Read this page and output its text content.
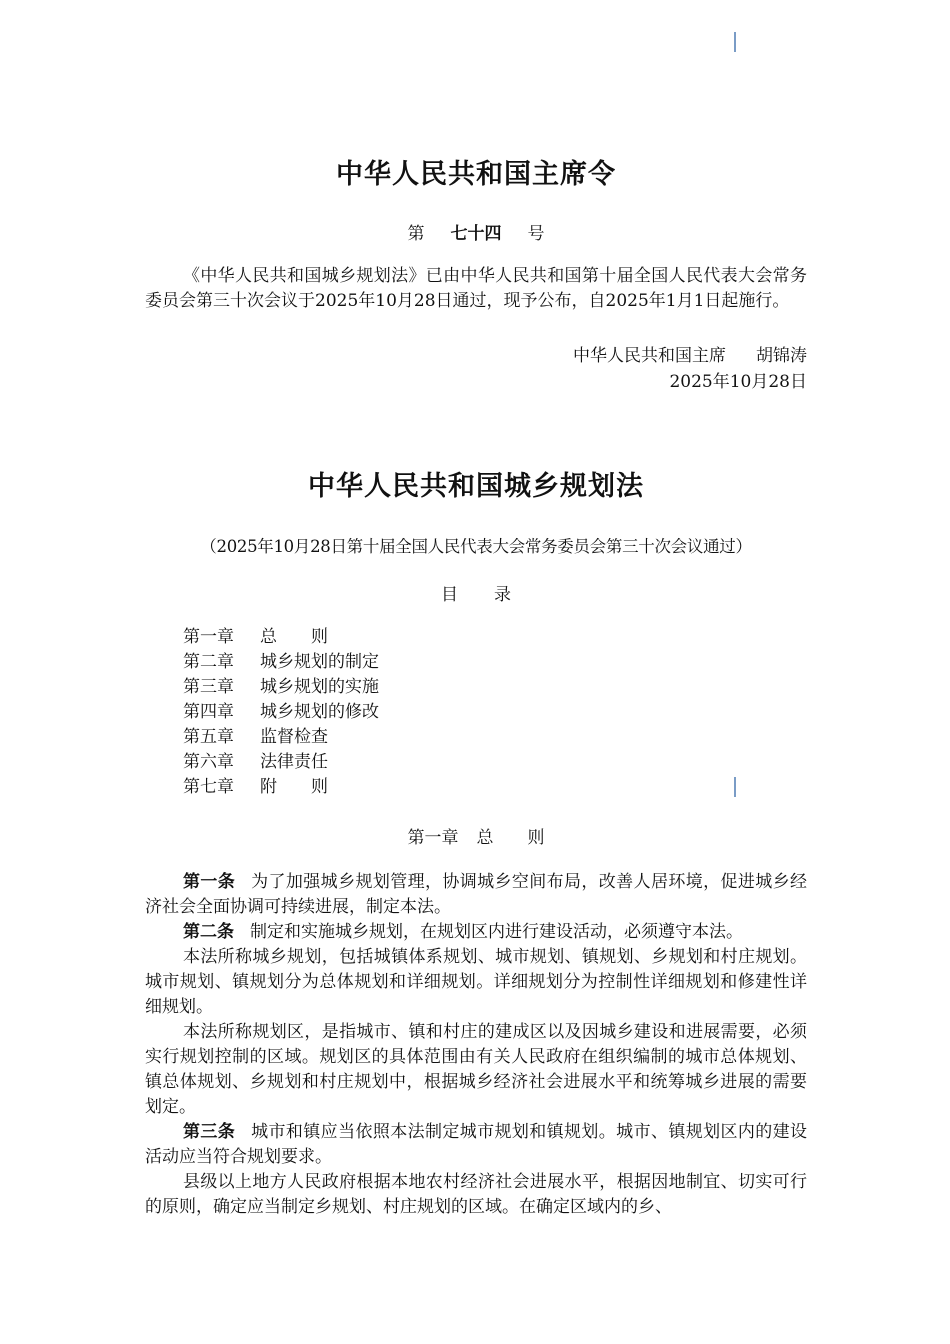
中华人民共和国主席令
第 七十四 号
《中华人民共和国城乡规划法》已由中华人民共和国第十届全国人民代表大会常务委员会第三十次会议于2025年10月28日通过，现予公布，自2025年1月1日起施行。
中华人民共和国主席 胡锦涛
2025年10月28日
中华人民共和国城乡规划法
（2025年10月28日第十届全国人民代表大会常务委员会第三十次会议通过）
目 录
第一章 总　　则
第二章 城乡规划的制定
第三章 城乡规划的实施
第四章 城乡规划的修改
第五章 监督检查
第六章 法律责任
第七章 附　　则
第一章 总　　则

第一条 为了加强城乡规划管理，协调城乡空间布局，改善人居环境，促进城乡经济社会全面协调可持续进展，制定本法。

第二条 制定和实施城乡规划，在规划区内进行建设活动，必须遵守本法。

本法所称城乡规划，包括城镇体系规划、城市规划、镇规划、乡规划和村庄规划。城市规划、镇规划分为总体规划和详细规划。详细规划分为控制性详细规划和修建性详细规划。

本法所称规划区，是指城市、镇和村庄的建成区以及因城乡建设和进展需要，必须实行规划控制的区域。规划区的具体范围由有关人民政府在组织编制的城市总体规划、镇总体规划、乡规划和村庄规划中，根据城乡经济社会进展水平和统筹城乡进展的需要划定。

第三条 城市和镇应当依照本法制定城市规划和镇规划。城市、镇规划区内的建设活动应当符合规划要求。

县级以上地方人民政府根据本地农村经济社会进展水平，根据因地制宜、切实可行的原则，确定应当制定乡规划、村庄规划的区域。在确定区域内的乡、
